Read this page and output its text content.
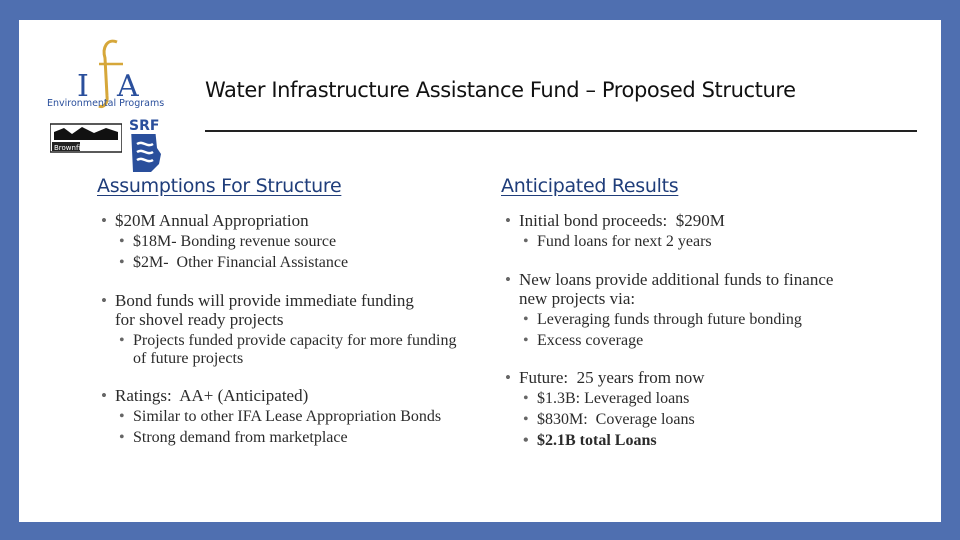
I A
Environmental Programs
Brownfields
SRF
Water Infrastructure Assistance Fund – Proposed Structure
Assumptions For Structure
• $20M Annual Appropriation
• $18M- Bonding revenue source
• $2M-  Other Financial Assistance
• Bond funds will provide immediate funding for shovel ready projects
• Projects funded provide capacity for more funding of future projects
• Ratings:  AA+ (Anticipated)
• Similar to other IFA Lease Appropriation Bonds
• Strong demand from marketplace
Anticipated Results
• Initial bond proceeds:  $290M
• Fund loans for next 2 years
• New loans provide additional funds to finance new projects via:
• Leveraging funds through future bonding
• Excess coverage
• Future:  25 years from now
• $1.3B: Leveraged loans
• $830M:  Coverage loans
• $2.1B total Loans
